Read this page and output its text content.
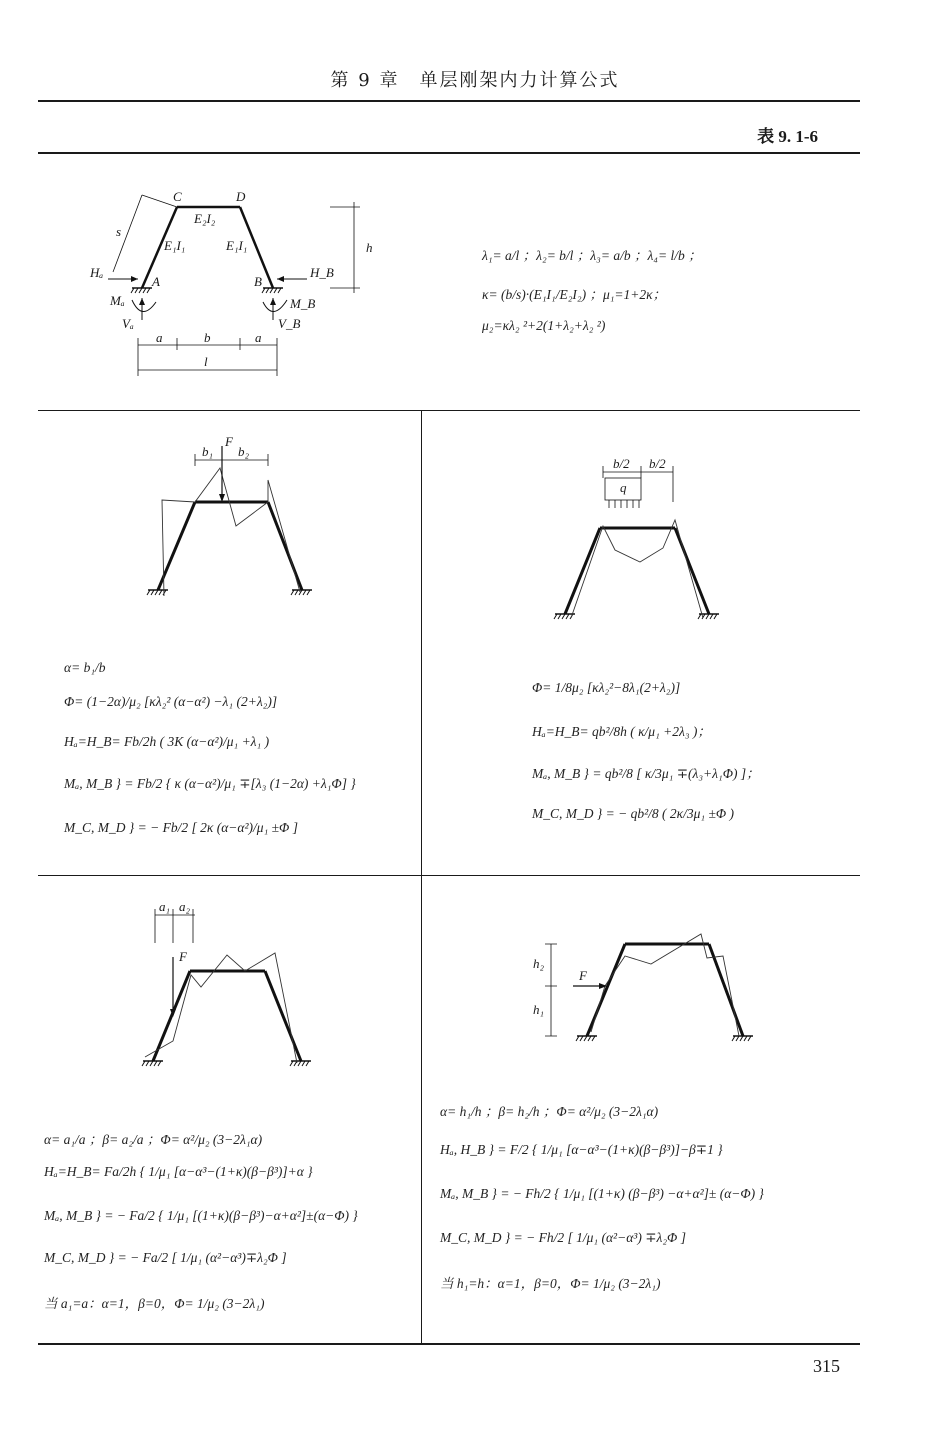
第 9 章　单层刚架内力计算公式
表 9. 1-6
C	D
E₂I₂
E₁I₁	E₁I₁
s
h
Hₐ	H_B
A	B
Mₐ	M_B
Vₐ	V_B
a	b	a
l
λ₁= a/l ；λ₂= b/l ；λ₃= a/b ；λ₄= l/b ；
κ= (b/s)·(E₁I₁/E₂I₂) ；μ₁=1+2κ；
μ₂=κλ₂ ²+2(1+λ₂+λ₂ ²)
b₁
F
b₂
α= b₁/b
Φ= (1−2α)/μ₂ [κλ₂² (α−α²) −λ₁ (2+λ₂)]
Hₐ=H_B= Fb/2h ( 3K (α−α²)/μ₁ +λ₁ )
Mₐ, M_B } = Fb/2 { κ (α−α²)/μ₁ ∓[λ₃ (1−2α) +λ₁Φ] }
M_C, M_D } = − Fb/2 [ 2κ (α−α²)/μ₁ ±Φ ]
b/2 b/2
q
Φ= 1/8μ₂ [κλ₂²−8λ₁(2+λ₂)]
Hₐ=H_B= qb²/8h ( κ/μ₁ +2λ₃ )；
Mₐ, M_B } = qb²/8 [ κ/3μ₁ ∓(λ₃+λ₁Φ) ]；
M_C, M_D } = − qb²/8 ( 2κ/3μ₁ ±Φ )
a₁ a₂
F
α= a₁/a ；β= a₂/a ；Φ= α²/μ₂ (3−2λ₁α)
Hₐ=H_B= Fa/2h { 1/μ₁ [α−α³−(1+κ)(β−β³)]+α }
Mₐ, M_B } = − Fa/2 { 1/μ₁ [(1+κ)(β−β³)−α+α²]±(α−Φ) }
M_C, M_D } = − Fa/2 [ 1/μ₁ (α²−α³)∓λ₂Φ ]
当 a₁=a：α=1，β=0，Φ= 1/μ₂ (3−2λ₁)
h₂
h₁
F
α= h₁/h ；β= h₂/h ；Φ= α²/μ₂ (3−2λ₁α)
Hₐ, H_B } = F/2 { 1/μ₁ [α−α³−(1+κ)(β−β³)]−β∓1 }
Mₐ, M_B } = − Fh/2 { 1/μ₁ [(1+κ) (β−β³) −α+α²]± (α−Φ) }
M_C, M_D } = − Fh/2 [ 1/μ₁ (α²−α³) ∓λ₂Φ ]
当 h₁=h：α=1，β=0，Φ= 1/μ₂ (3−2λ₁)
315
